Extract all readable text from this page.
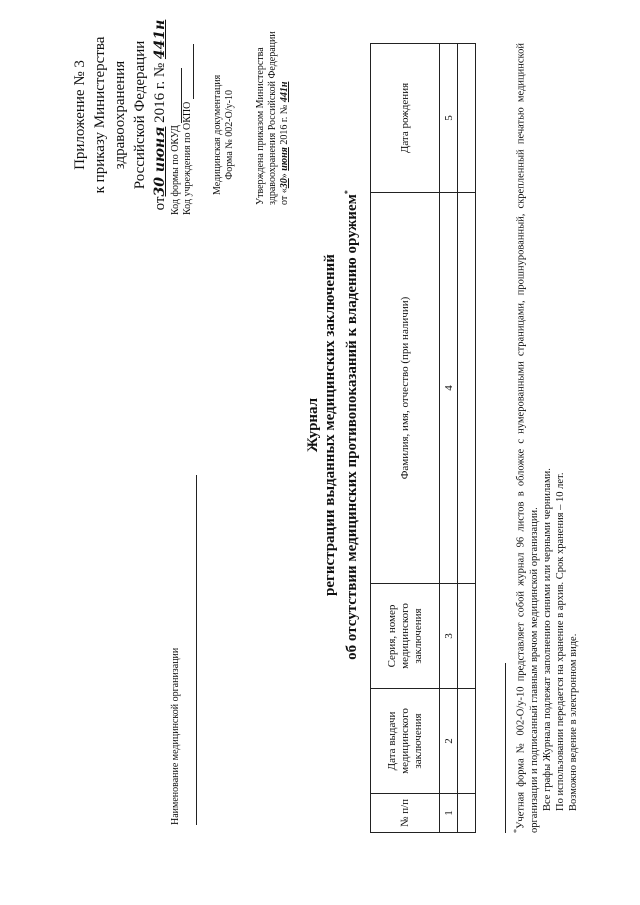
Приложение № 3 к приказу Министерства здравоохранения Российской Федерации
от30 июня 2016 г. № 441н
Код формы по ОКУД Код учреждения по ОКПО Медицинская документация Форма № 002-О/у-10 Утверждена приказом Министерства здравоохранения Российской Федерации от «30» июня 2016 г. № 441н
Наименование медицинской организации
Журнал регистрации выданных медицинских заключений об отсутствии медицинских противопоказаний к владению оружием*
№ п/п	Дата выдачи медицинского заключения	Серия, номер медицинского заключения	Фамилия, имя, отчество (при наличии)	Дата рождения
1	2	3	4	5

*Учетная форма № 002-О/у-10 представляет собой журнал 96 листов в обложке с нумерованными страницами, прошнурованный, скрепленный печатью медицинской организации и подписанный главным врачом медицинской организации. Все графы Журнала подлежат заполнению синими или черными чернилами. По использовании передается на хранение в архив. Срок хранения – 10 лет. Возможно ведение в электронном виде.
